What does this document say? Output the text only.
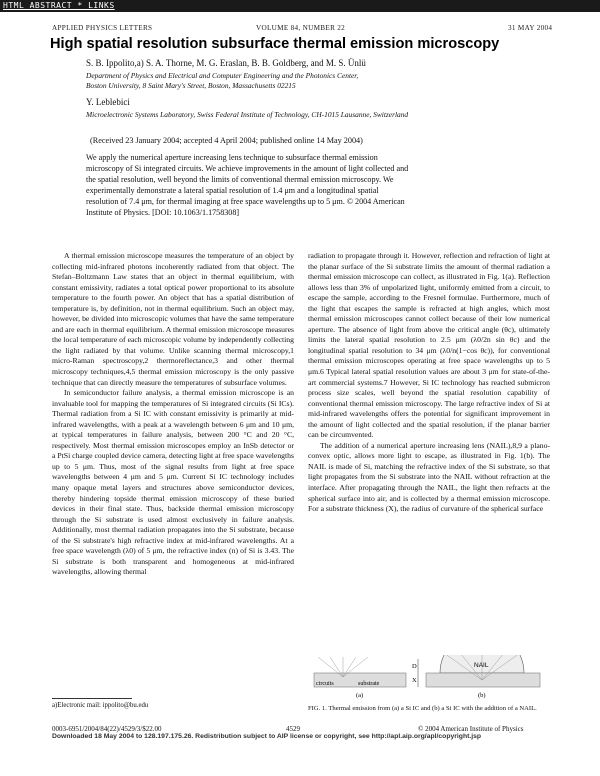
HTML ABSTRACT * LINKS
APPLIED PHYSICS LETTERS	VOLUME 84, NUMBER 22	31 MAY 2004
High spatial resolution subsurface thermal emission microscopy
S. B. Ippolito,a) S. A. Thorne, M. G. Eraslan, B. B. Goldberg, and M. S. Ünlü
Department of Physics and Electrical and Computer Engineering and the Photonics Center,
Boston University, 8 Saint Mary's Street, Boston, Massachusetts 02215
Y. Leblebici
Microelectronic Systems Laboratory, Swiss Federal Institute of Technology, CH-1015 Lausanne, Switzerland
(Received 23 January 2004; accepted 4 April 2004; published online 14 May 2004)
We apply the numerical aperture increasing lens technique to subsurface thermal emission
microscopy of Si integrated circuits. We achieve improvements in the amount of light collected and
the spatial resolution, well beyond the limits of conventional thermal emission microscopy. We
experimentally demonstrate a lateral spatial resolution of 1.4 μm and a longitudinal spatial
resolution of 7.4 μm, for thermal imaging at free space wavelengths up to 5 μm. © 2004 American
Institute of Physics. [DOI: 10.1063/1.1758308]

A thermal emission microscope measures the temperature of an object by collecting mid-infrared photons incoherently radiated from that object. The Stefan–Boltzmann Law states that an object in thermal equilibrium, with constant emissivity, radiates a total optical power proportional to its absolute temperature to the fourth power. An object that has a spatial distribution of temperature is, by definition, not in thermal equilibrium. Such an object may, however, be divided into microscopic volumes that have the same temperature and are each in thermal equilibrium. A thermal emission microscope measures the local temperature of each microscopic volume by independently collecting the light radiated by that volume. Unlike scanning thermal microscopy,1 micro-Raman spectroscopy,2 thermoreflectance,3 and other thermal microscopy techniques,4,5 thermal emission microscopy is the only passive technique that can directly measure the temperatures of subsurface volumes.

In semiconductor failure analysis, a thermal emission microscope is an invaluable tool for mapping the temperatures of Si integrated circuits (Si ICs). Thermal radiation from a Si IC with constant emissivity is primarily at mid-infrared wavelengths, with a peak at a wavelength between 6 μm and 10 μm, at typical temperatures in failure analysis, between 200 °C and 20 °C, respectively. Most thermal emission microscopes employ an InSb detector or a PtSi charge coupled device camera, detecting light at free space wavelengths up to 5 μm. Thus, most of the signal results from light at free space wavelengths between 4 μm and 5 μm. Current Si IC technology includes many opaque metal layers and structures above semiconductor devices, thereby hindering topside thermal emission microscopy of these buried devices in their final state. Thus, backside thermal emission microscopy through the Si substrate is used almost exclusively in failure analysis. Additionally, most thermal radiation propagates into the Si substrate, because of the Si substrate's high refractive index at mid-infrared wavelengths. At a free space wavelength (λ0) of 5 μm, the refractive index (n) of Si is 3.43. The Si substrate is both transparent and homogeneous at mid-infrared wavelengths, allowing thermal

radiation to propagate through it. However, reflection and refraction of light at the planar surface of the Si substrate limits the amount of thermal radiation a thermal emission microscope can collect, as illustrated in Fig. 1(a). Reflection allows less than 3% of unpolarized light, uniformly emitted from a circuit, to escape the sample, according to the Fresnel formulae. Furthermore, much of the light that escapes the sample is refracted at high angles, which most thermal emission microscopes cannot collect because of their low numerical aperture. The absence of light from above the critical angle (θc), ultimately limits the lateral spatial resolution to 2.5 μm (λ0/2n sin θc) and the longitudinal spatial resolution to 34 μm (λ0/n(1−cos θc)), for conventional thermal emission microscopes operating at free space wavelengths up to 5 μm.6 Typical lateral spatial resolution values are about 3 μm for state-of-the-art commercial systems.7 However, Si IC technology has reached submicron process size scales, well beyond the spatial resolution capability of conventional thermal emission microscopy. The large refractive index of Si at mid-infrared wavelengths offers the potential for significant improvement in the amount of light collected and the spatial resolution, if the planar barrier can be circumvented.

The addition of a numerical aperture increasing lens (NAIL),8,9 a plano-convex optic, allows more light to escape, as illustrated in Fig. 1(b). The NAIL is made of Si, matching the refractive index of the Si substrate, so that light propagates from the Si substrate into the NAIL without refraction at the interface. After propagating through the NAIL, the light then refracts at the spherical surface into air, and is collected by a thermal emission microscope. For a substrate thickness (X), the radius of curvature of the spherical surface

circuits	substrate
(a)
D
X
NAIL
(b)
FIG. 1. Thermal emission from (a) a Si IC and (b) a Si IC with the addition of a NAIL.
a)Electronic mail: ippolito@bu.edu
0003-6951/2004/84(22)/4529/3/$22.00	4529	© 2004 American Institute of Physics
Downloaded 18 May 2004 to 128.197.175.26. Redistribution subject to AIP license or copyright, see http://apl.aip.org/apl/copyright.jsp
